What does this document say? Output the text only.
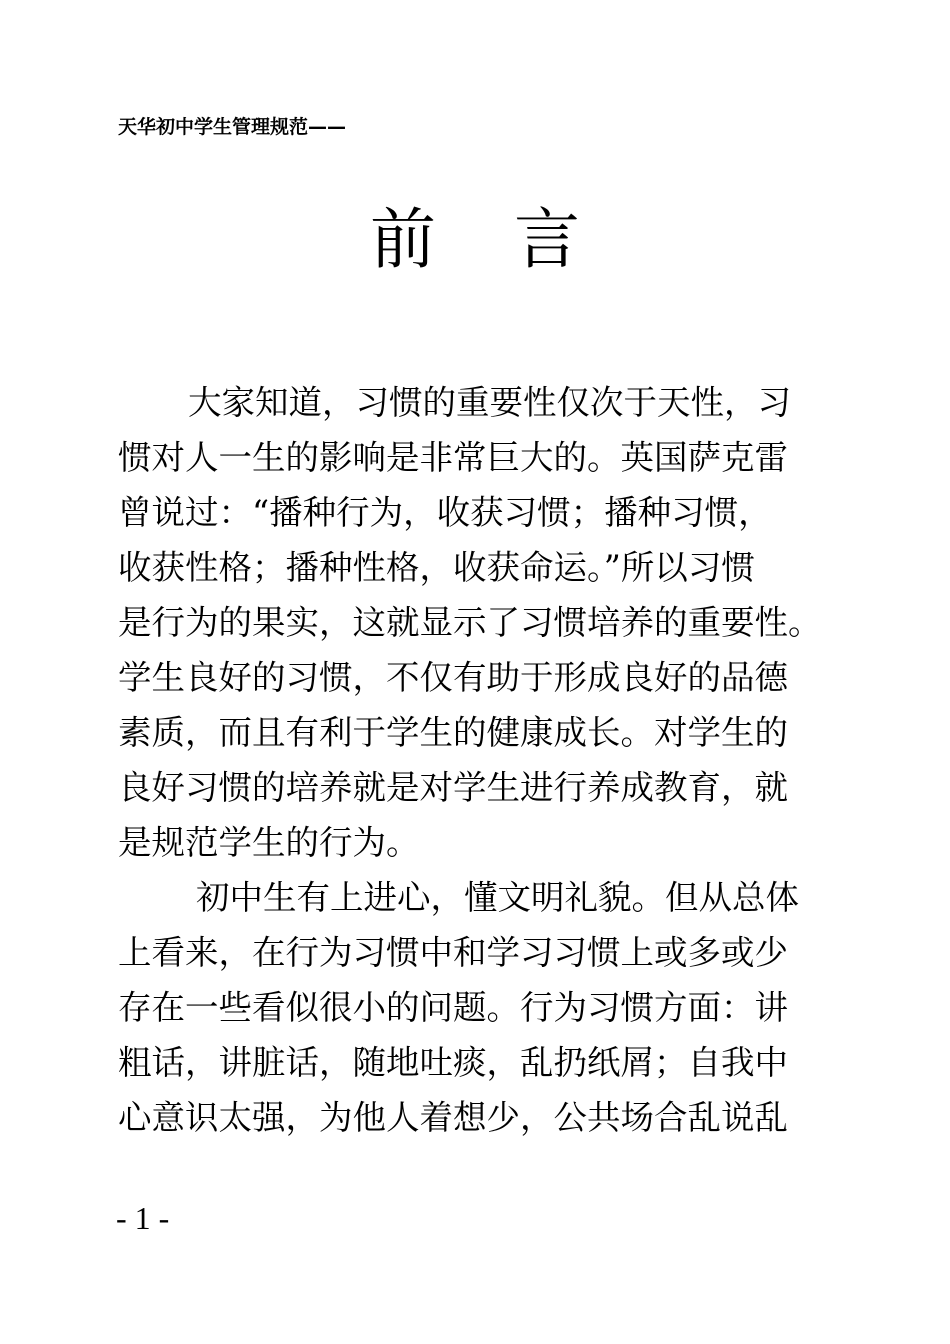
天华初中学生管理规范——
前言

大家知道，习惯的重要性仅次于天性，习
惯对人一生的影响是非常巨大的。英国萨克雷
曾说过：“播种行为，收获习惯；播种习惯，
收获性格；播种性格，收获命运。”所以习惯
是行为的果实，这就显示了习惯培养的重要性。
学生良好的习惯，不仅有助于形成良好的品德
素质，而且有利于学生的健康成长。对学生的
良好习惯的培养就是对学生进行养成教育，就
是规范学生的行为。

初中生有上进心，懂文明礼貌。但从总体
上看来，在行为习惯中和学习习惯上或多或少
存在一些看似很小的问题。行为习惯方面：讲
粗话，讲脏话，随地吐痰，乱扔纸屑；自我中
心意识太强，为他人着想少，公共场合乱说乱

- 1 -
